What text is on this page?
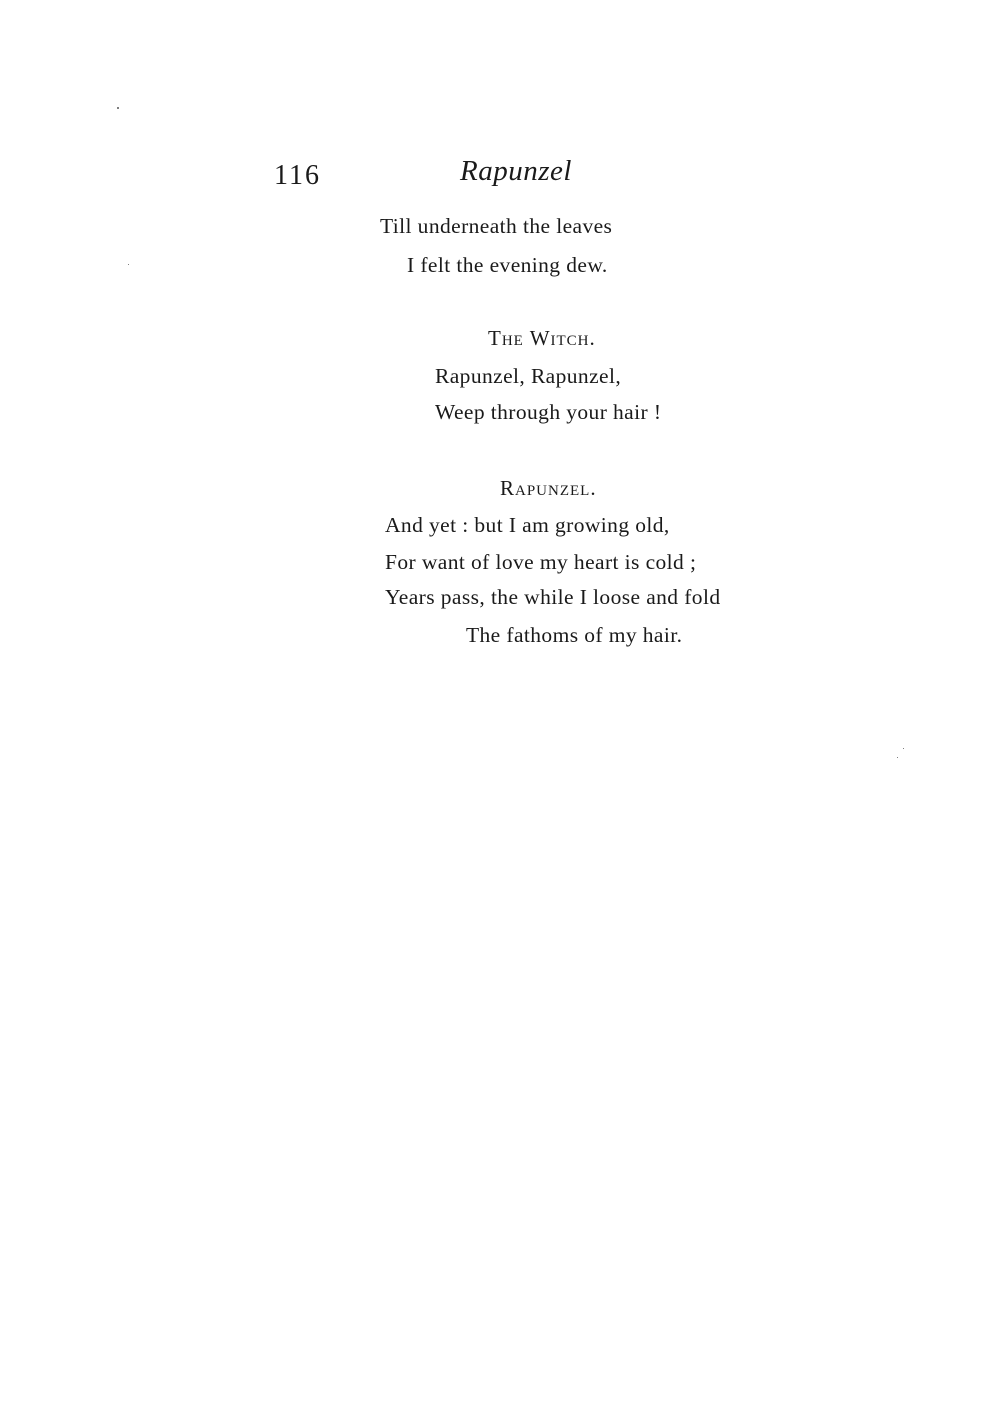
116	Rapunzel
Till underneath the leaves
I felt the evening dew.
The Witch.
Rapunzel, Rapunzel,
Weep through your hair !
Rapunzel.
And yet : but I am growing old,
For want of love my heart is cold ;
Years pass, the while I loose and fold
The fathoms of my hair.
